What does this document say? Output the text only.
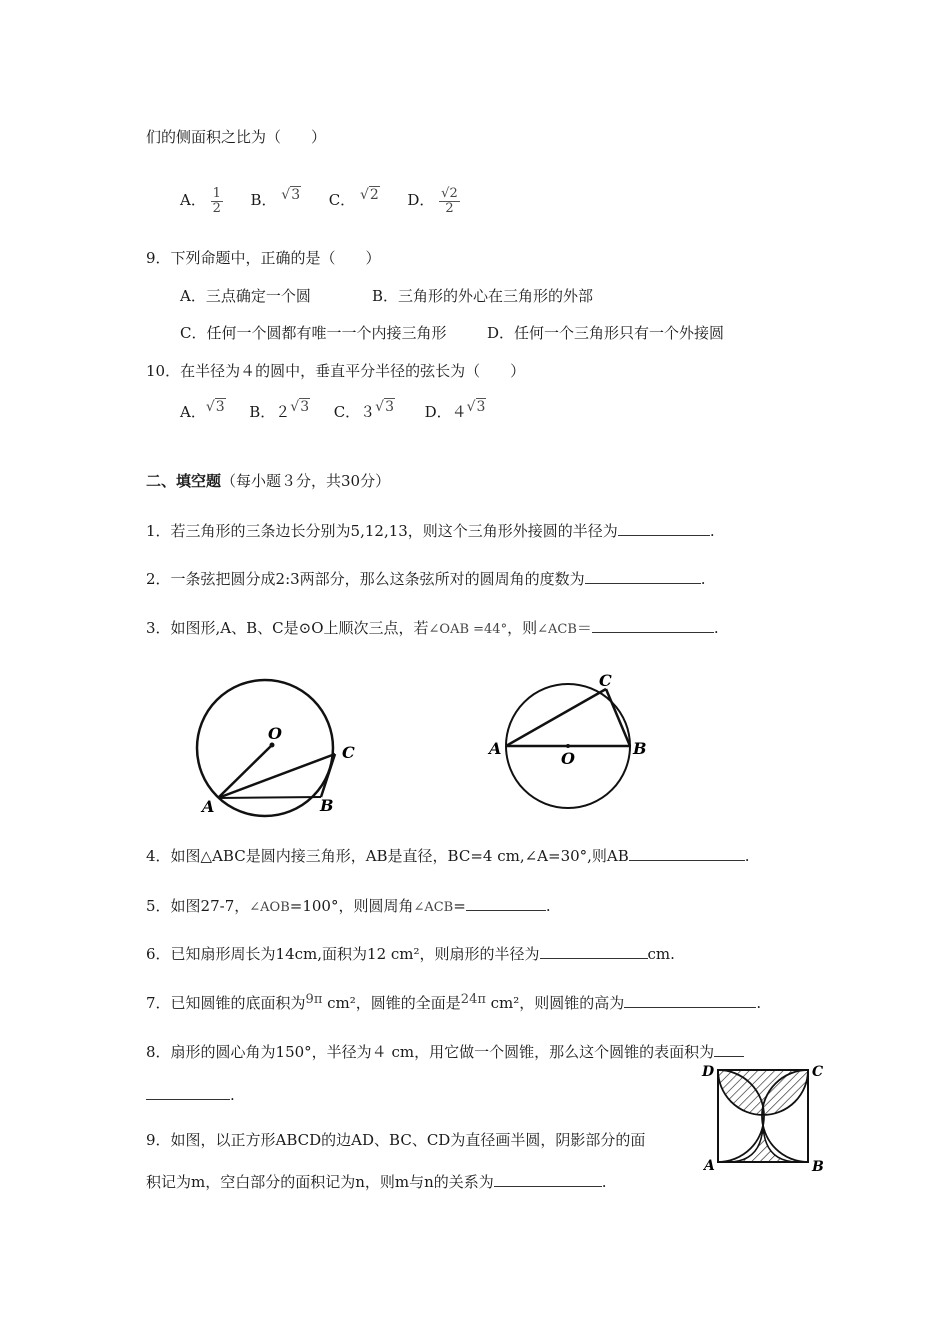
们的侧面积之比为（　　）
A． $\frac{1}{2}$ B． √3 C． √2 D． $\frac{√2}{2}$
9．下列命题中，正确的是（　　）
A．三点确定一个圆	B．三角形的外心在三角形的外部
C．任何一个圆都有唯一一个内接三角形	D．任何一个三角形只有一个外接圆
10．在半径为４的圆中，垂直平分半径的弦长为（　　）
A．√3 B．２√3 C．３√3 D．４√3
二、填空题（每小题３分，共30分）
1．若三角形的三条边长分别为5,12,13，则这个三角形外接圆的半径为	.
2．一条弦把圆分成2:3两部分，那么这条弦所对的圆周角的度数为	.
3．如图形,A、B、C是⊙O上顺次三点，若∠OAB =44°，则∠ACB＝	.
O
A	B
C	A	B
C
O
4．如图△ABC是圆内接三角形，AB是直径，BC=4 cm,∠A=30°,则AB	.
5．如图27-7，∠AOB=100°，则圆周角∠ACB=	.
6．已知扇形周长为14cm,面积为12 cm²，则扇形的半径为	cm.
7．已知圆锥的底面积为9π cm²，圆锥的全面是24π cm²，则圆锥的高为	.
8．扇形的圆心角为150°，半径为４ cm，用它做一个圆锥，那么这个圆锥的表面积为
.
9．如图，以正方形ABCD的边AD、BC、CD为直径画半圆，阴影部分的面
积记为m，空白部分的面积记为n，则m与n的关系为	.
D	C
A	B
